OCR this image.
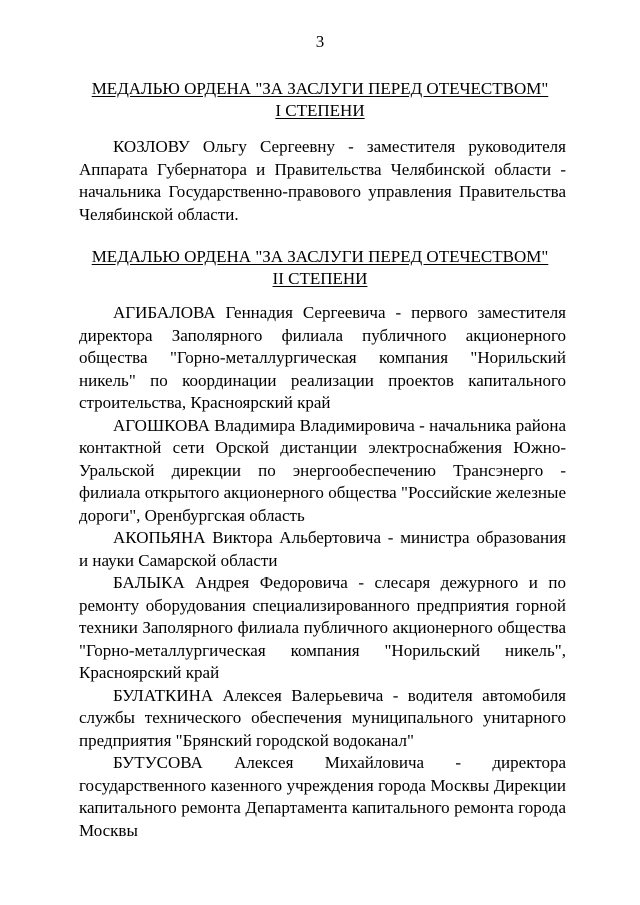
3
МЕДАЛЬЮ ОРДЕНА "ЗА ЗАСЛУГИ ПЕРЕД ОТЕЧЕСТВОМ"
I СТЕПЕНИ

КОЗЛОВУ Ольгу Сергеевну - заместителя руководителя Аппарата Губернатора и Правительства Челябинской области - начальника Государственно-правового управления Правительства Челябинской области.

МЕДАЛЬЮ ОРДЕНА "ЗА ЗАСЛУГИ ПЕРЕД ОТЕЧЕСТВОМ"
II СТЕПЕНИ

АГИБАЛОВА Геннадия Сергеевича - первого заместителя директора Заполярного филиала публичного акционерного общества "Горно-металлургическая компания "Норильский никель" по координации реализации проектов капитального строительства, Красноярский край

АГОШКОВА Владимира Владимировича - начальника района контактной сети Орской дистанции электроснабжения Южно-Уральской дирекции по энергообеспечению Трансэнерго - филиала открытого акционерного общества "Российские железные дороги", Оренбургская область

АКОПЬЯНА Виктора Альбертовича - министра образования и науки Самарской области

БАЛЫКА Андрея Федоровича - слесаря дежурного и по ремонту оборудования специализированного предприятия горной техники Заполярного филиала публичного акционерного общества "Горно-металлургическая компания "Норильский никель", Красноярский край

БУЛАТКИНА Алексея Валерьевича - водителя автомобиля службы технического обеспечения муниципального унитарного предприятия "Брянский городской водоканал"

БУТУСОВА Алексея Михайловича - директора государственного казенного учреждения города Москвы Дирекции капитального ремонта Департамента капитального ремонта города Москвы
